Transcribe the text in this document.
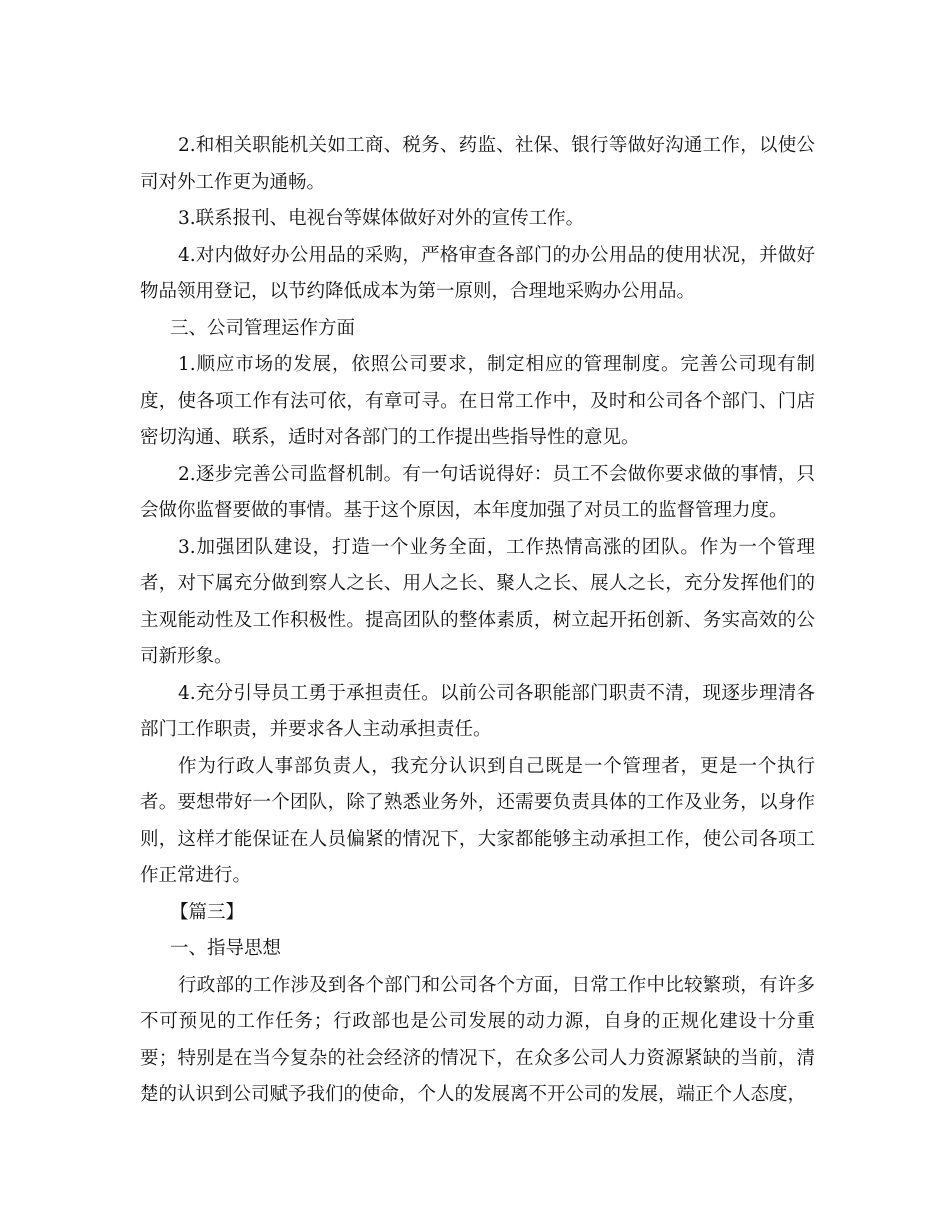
2.和相关职能机关如工商、税务、药监、社保、银行等做好沟通工作，以使公司对外工作更为通畅。

3.联系报刊、电视台等媒体做好对外的宣传工作。

4.对内做好办公用品的采购，严格审查各部门的办公用品的使用状况，并做好物品领用登记，以节约降低成本为第一原则，合理地采购办公用品。

三、公司管理运作方面

1.顺应市场的发展，依照公司要求，制定相应的管理制度。完善公司现有制度，使各项工作有法可依，有章可寻。在日常工作中，及时和公司各个部门、门店密切沟通、联系，适时对各部门的工作提出些指导性的意见。

2.逐步完善公司监督机制。有一句话说得好：员工不会做你要求做的事情，只会做你监督要做的事情。基于这个原因，本年度加强了对员工的监督管理力度。

3.加强团队建设，打造一个业务全面，工作热情高涨的团队。作为一个管理者，对下属充分做到察人之长、用人之长、聚人之长、展人之长，充分发挥他们的主观能动性及工作积极性。提高团队的整体素质，树立起开拓创新、务实高效的公司新形象。

4.充分引导员工勇于承担责任。以前公司各职能部门职责不清，现逐步理清各部门工作职责，并要求各人主动承担责任。

作为行政人事部负责人，我充分认识到自己既是一个管理者，更是一个执行者。要想带好一个团队，除了熟悉业务外，还需要负责具体的工作及业务，以身作则，这样才能保证在人员偏紧的情况下，大家都能够主动承担工作，使公司各项工作正常进行。

【篇三】

一、指导思想

行政部的工作涉及到各个部门和公司各个方面，日常工作中比较繁琐，有许多不可预见的工作任务；行政部也是公司发展的动力源，自身的正规化建设十分重要；特别是在当今复杂的社会经济的情况下，在众多公司人力资源紧缺的当前，清楚的认识到公司赋予我们的使命，个人的发展离不开公司的发展，端正个人态度，
